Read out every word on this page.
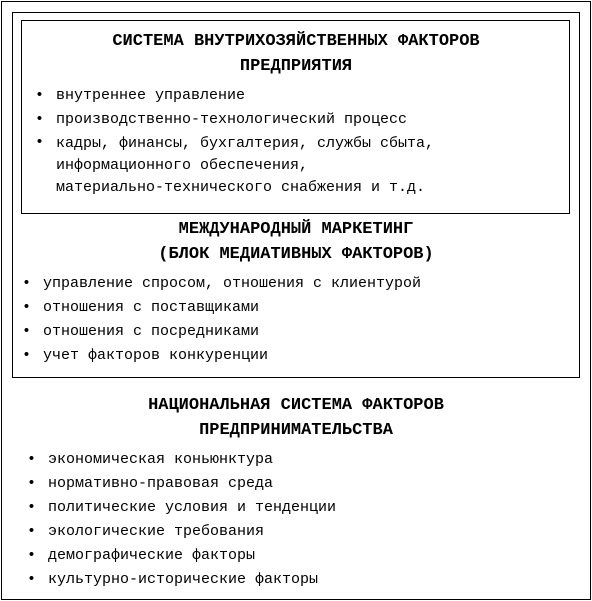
СИСТЕМА ВНУТРИХОЗЯЙСТВЕННЫХ ФАКТОРОВ
ПРЕДПРИЯТИЯ
• внутреннее управление
• производственно-технологический процесс
• кадры, финансы, бухгалтерия, службы сбыта,
информационного обеспечения,
материально-технического снабжения и т.д.
МЕЖДУНАРОДНЫЙ МАРКЕТИНГ
(БЛОК МЕДИАТИВНЫХ ФАКТОРОВ)
• управление спросом, отношения с клиентурой
• отношения с поставщиками
• отношения с посредниками
• учет факторов конкуренции
НАЦИОНАЛЬНАЯ СИСТЕМА ФАКТОРОВ
ПРЕДПРИНИМАТЕЛЬСТВА
• экономическая коньюнктура
• нормативно-правовая среда
• политические условия и тенденции
• экологические требования
• демографические факторы
• культурно-исторические факторы
